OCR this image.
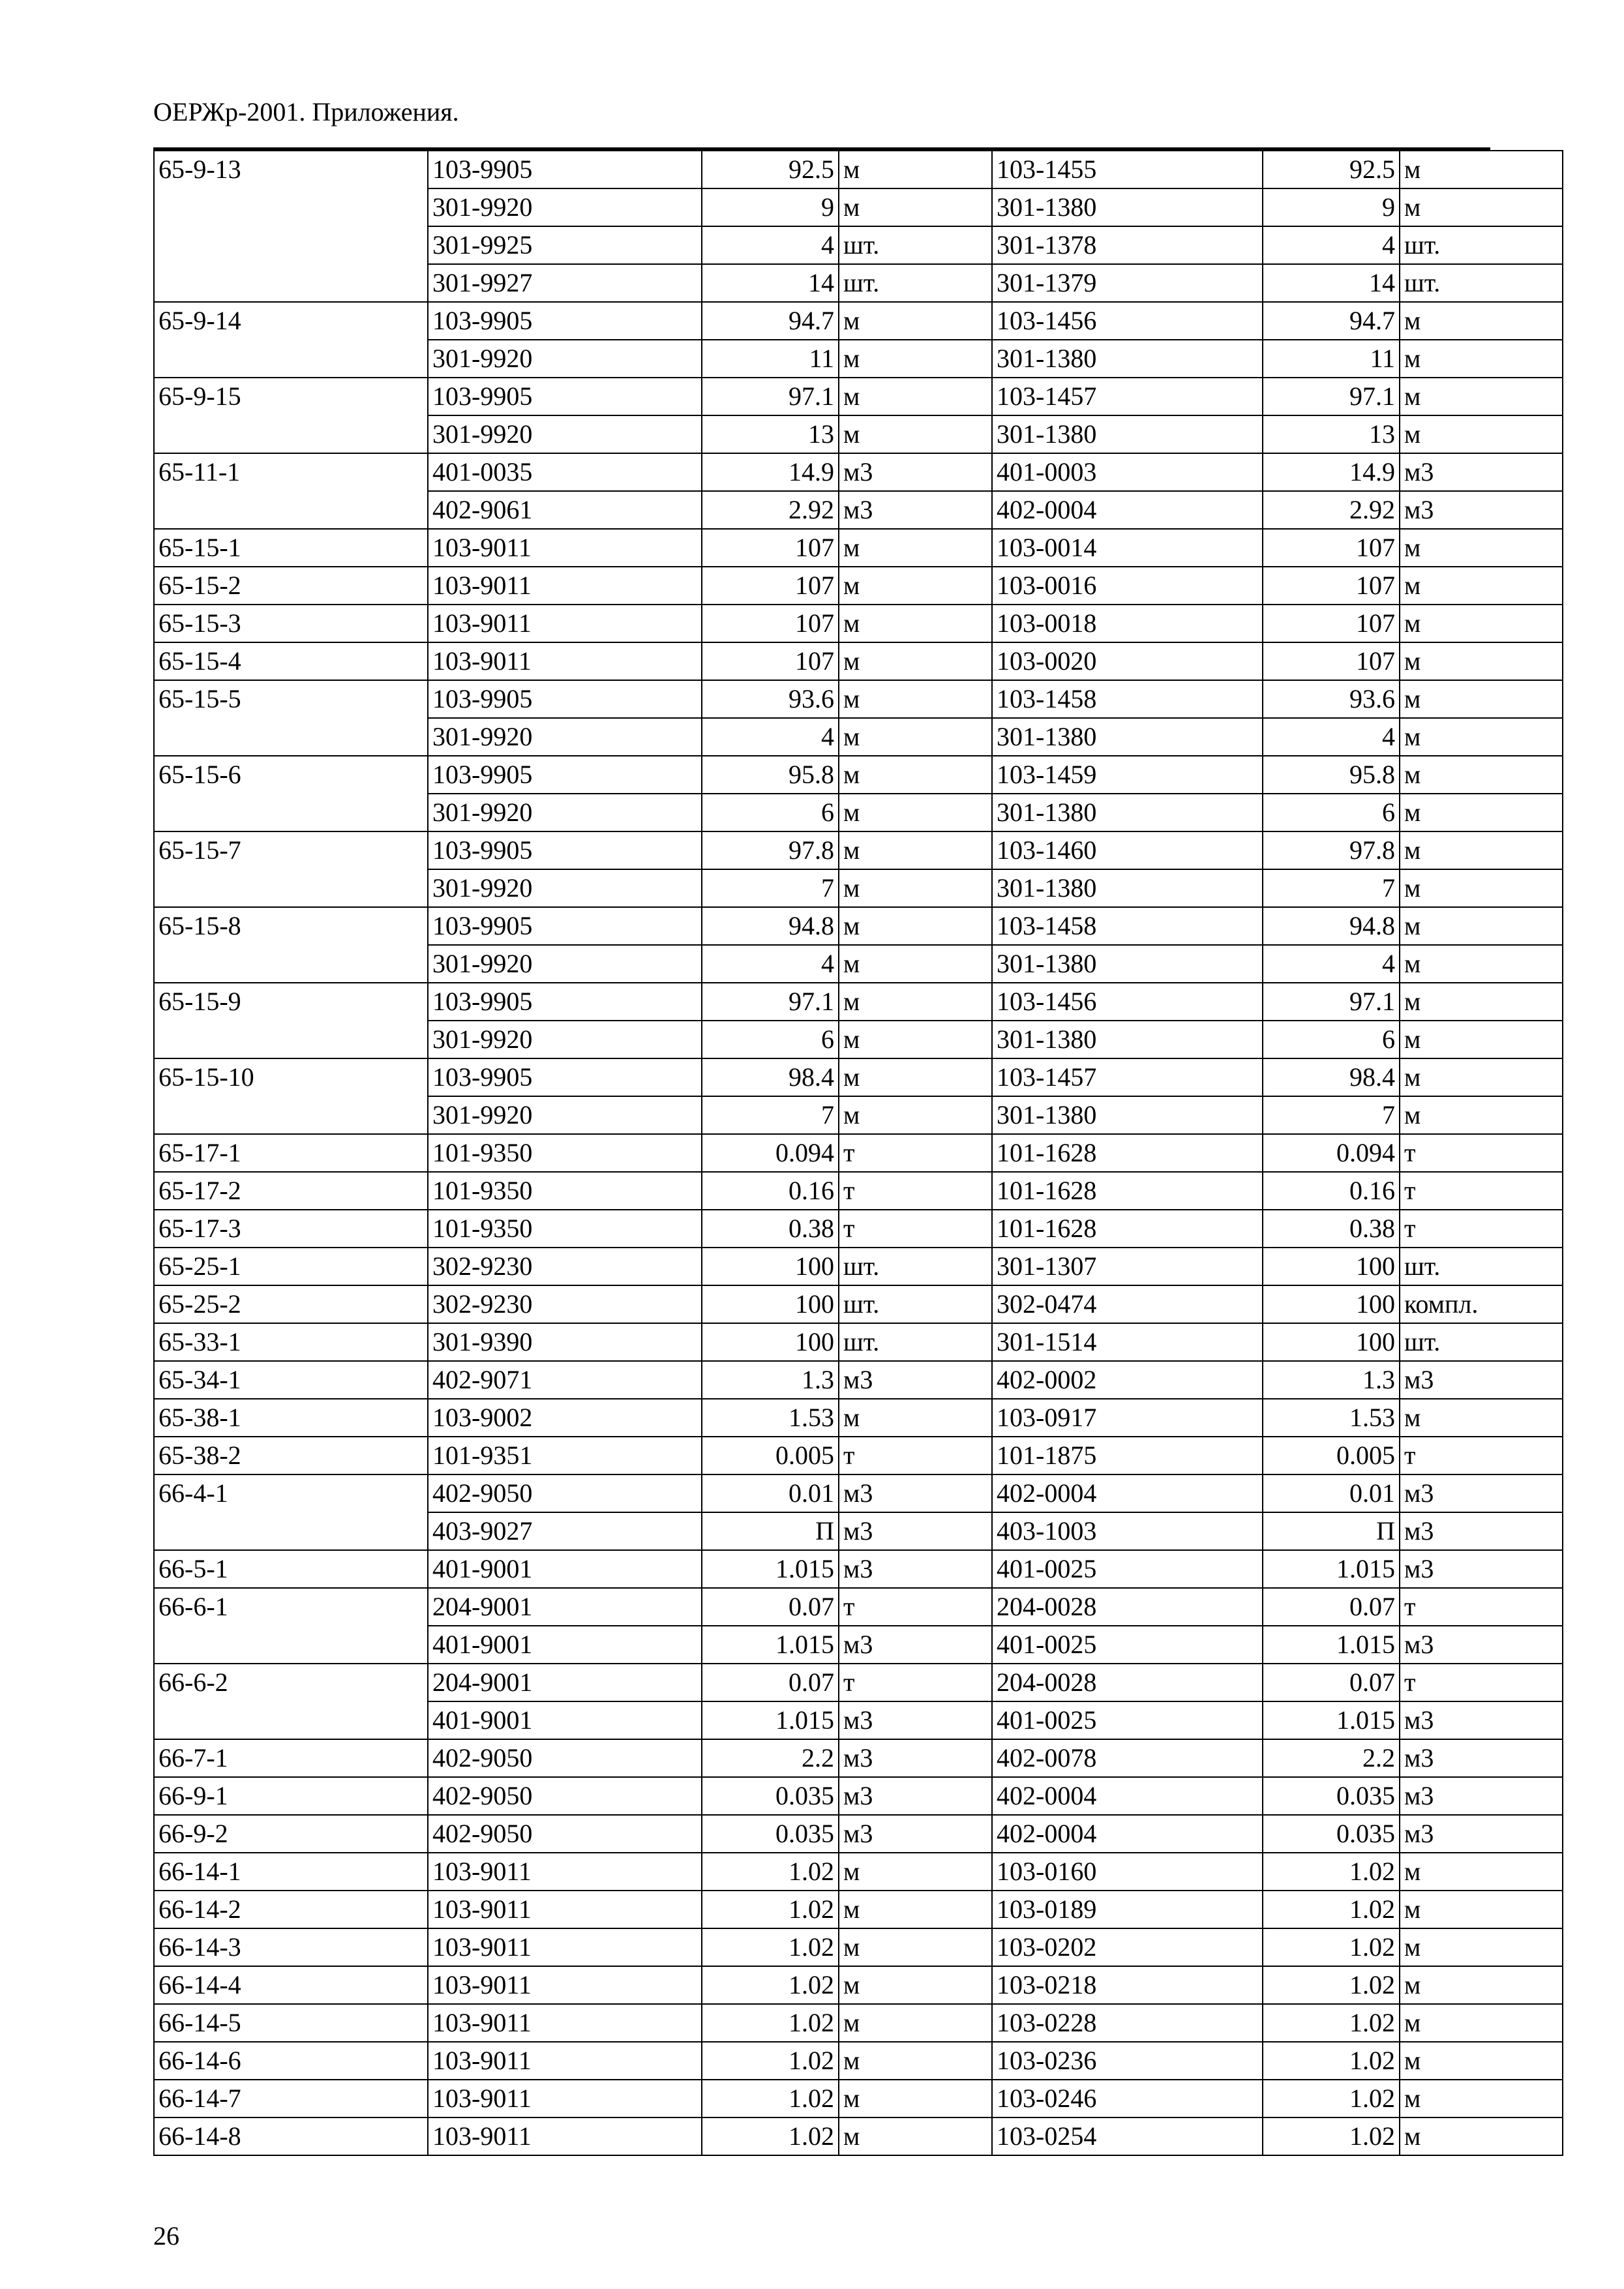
ОЕРЖр-2001. Приложения.
65-9-13	103-9905	92.5	м	103-1455	92.5	м
	301-9920	9	м	301-1380	9	м
	301-9925	4	шт.	301-1378	4	шт.
	301-9927	14	шт.	301-1379	14	шт.
65-9-14	103-9905	94.7	м	103-1456	94.7	м
	301-9920	11	м	301-1380	11	м
65-9-15	103-9905	97.1	м	103-1457	97.1	м
	301-9920	13	м	301-1380	13	м
65-11-1	401-0035	14.9	м3	401-0003	14.9	м3
	402-9061	2.92	м3	402-0004	2.92	м3
65-15-1	103-9011	107	м	103-0014	107	м
65-15-2	103-9011	107	м	103-0016	107	м
65-15-3	103-9011	107	м	103-0018	107	м
65-15-4	103-9011	107	м	103-0020	107	м
65-15-5	103-9905	93.6	м	103-1458	93.6	м
	301-9920	4	м	301-1380	4	м
65-15-6	103-9905	95.8	м	103-1459	95.8	м
	301-9920	6	м	301-1380	6	м
65-15-7	103-9905	97.8	м	103-1460	97.8	м
	301-9920	7	м	301-1380	7	м
65-15-8	103-9905	94.8	м	103-1458	94.8	м
	301-9920	4	м	301-1380	4	м
65-15-9	103-9905	97.1	м	103-1456	97.1	м
	301-9920	6	м	301-1380	6	м
65-15-10	103-9905	98.4	м	103-1457	98.4	м
	301-9920	7	м	301-1380	7	м
65-17-1	101-9350	0.094	т	101-1628	0.094	т
65-17-2	101-9350	0.16	т	101-1628	0.16	т
65-17-3	101-9350	0.38	т	101-1628	0.38	т
65-25-1	302-9230	100	шт.	301-1307	100	шт.
65-25-2	302-9230	100	шт.	302-0474	100	компл.
65-33-1	301-9390	100	шт.	301-1514	100	шт.
65-34-1	402-9071	1.3	м3	402-0002	1.3	м3
65-38-1	103-9002	1.53	м	103-0917	1.53	м
65-38-2	101-9351	0.005	т	101-1875	0.005	т
66-4-1	402-9050	0.01	м3	402-0004	0.01	м3
	403-9027	П	м3	403-1003	П	м3
66-5-1	401-9001	1.015	м3	401-0025	1.015	м3
66-6-1	204-9001	0.07	т	204-0028	0.07	т
	401-9001	1.015	м3	401-0025	1.015	м3
66-6-2	204-9001	0.07	т	204-0028	0.07	т
	401-9001	1.015	м3	401-0025	1.015	м3
66-7-1	402-9050	2.2	м3	402-0078	2.2	м3
66-9-1	402-9050	0.035	м3	402-0004	0.035	м3
66-9-2	402-9050	0.035	м3	402-0004	0.035	м3
66-14-1	103-9011	1.02	м	103-0160	1.02	м
66-14-2	103-9011	1.02	м	103-0189	1.02	м
66-14-3	103-9011	1.02	м	103-0202	1.02	м
66-14-4	103-9011	1.02	м	103-0218	1.02	м
66-14-5	103-9011	1.02	м	103-0228	1.02	м
66-14-6	103-9011	1.02	м	103-0236	1.02	м
66-14-7	103-9011	1.02	м	103-0246	1.02	м
66-14-8	103-9011	1.02	м	103-0254	1.02	м
26
